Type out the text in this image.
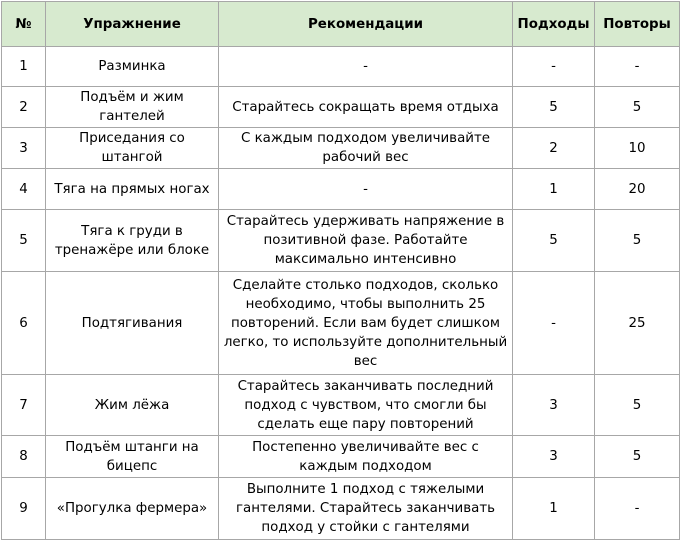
№	Упражнение	Рекомендации	Подходы	Повторы
1	Разминка	-	-	-
2	Подъём и жим гантелей	Старайтесь сокращать время отдыха	5	5
3	Приседания со штангой	С каждым подходом увеличивайте рабочий вес	2	10
4	Тяга на прямых ногах	-	1	20
5	Тяга к груди в тренажёре или блоке	Старайтесь удерживать напряжение в позитивной фазе. Работайте максимально интенсивно	5	5
6	Подтягивания	Сделайте столько подходов, сколько необходимо, чтобы выполнить 25 повторений. Если вам будет слишком легко, то используйте дополнительный вес	-	25
7	Жим лёжа	Старайтесь заканчивать последний подход с чувством, что смогли бы сделать еще пару повторений	3	5
8	Подъём штанги на бицепс	Постепенно увеличивайте вес с каждым подходом	3	5
9	«Прогулка фермера»	Выполните 1 подход с тяжелыми гантелями. Старайтесь заканчивать подход у стойки с гантелями	1	-
